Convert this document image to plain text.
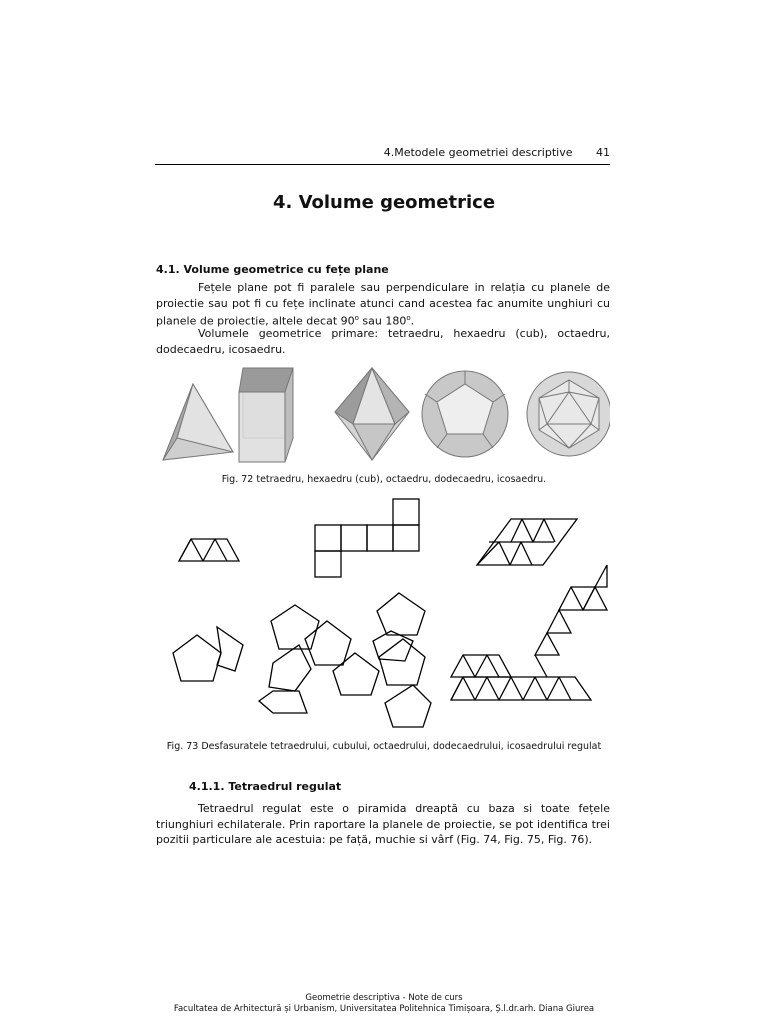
4.Metodele geometriei descriptive 41
4. Volume geometrice
4.1. Volume geometrice cu fețe plane

Fețele plane pot fi paralele sau perpendiculare in relația cu planele de proiectie sau pot fi cu fețe inclinate atunci cand acestea fac anumite unghiuri cu planele de proiectie, altele decat 90$^o$ sau 180$^o$.

Volumele geometrice primare: tetraedru, hexaedru (cub), octaedru, dodecaedru, icosaedru.

Fig. 72 tetraedru, hexaedru (cub), octaedru, dodecaedru, icosaedru.
Fig. 73 Desfasuratele tetraedrului, cubului, octaedrului, dodecaedrului, icosaedrului regulat
4.1.1. Tetraedrul regulat

Tetraedrul regulat este o piramida dreaptă cu baza si toate fețele triunghiuri echilaterale. Prin raportare la planele de proiectie, se pot identifica trei pozitii particulare ale acestuia: pe față, muchie si vârf (Fig. 74, Fig. 75, Fig. 76).

Geometrie descriptiva - Note de curs
Facultatea de Arhitectură și Urbanism, Universitatea Politehnica Timișoara, Ș.l.dr.arh. Diana Giurea
